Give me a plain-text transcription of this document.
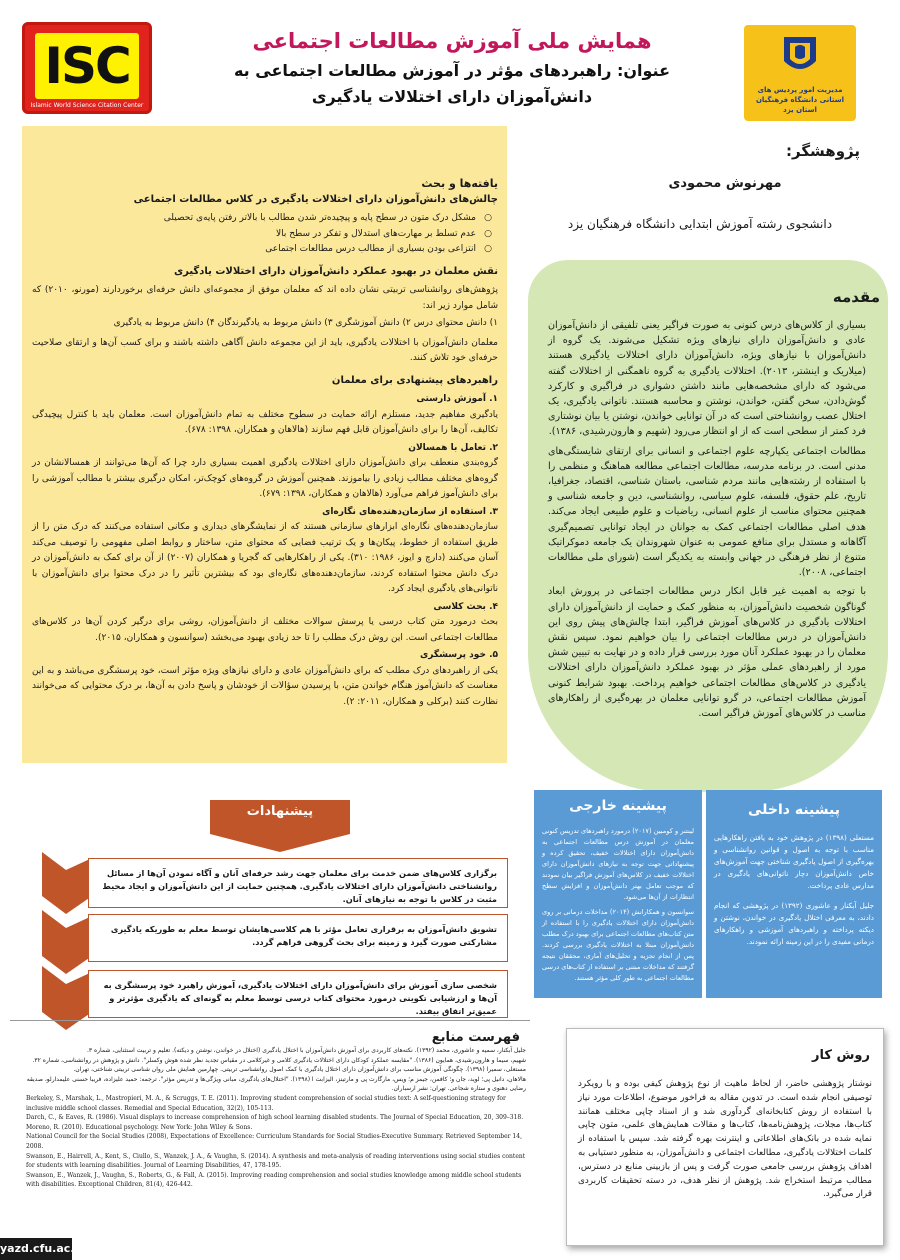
ISC
Islamic World Science Citation Center
همایش ملی آموزش مطالعات اجتماعی
عنوان: راهبردهای مؤثر در آموزش مطالعات اجتماعی به دانش‌آموزان دارای اختلالات یادگیری	مدیریت امور پردیس های استانی دانشگاه فرهنگیان استان یزد
یافته‌ها و بحث
چالش‌های دانش‌آموزان دارای اختلالات یادگیری در کلاس مطالعات اجتماعی
○ مشکل درک متون در سطح پایه و پیچیده‌تر شدن مطالب با بالاتر رفتن پایه‌ی تحصیلی
○ عدم تسلط بر مهارت‌های استدلال و تفکر در سطح بالا
○ انتزاعی بودن بسیاری از مطالب درس مطالعات اجتماعی
نقش معلمان در بهبود عملکرد دانش‌آموزان دارای اختلالات یادگیری
پژوهش‌های روانشناسی تربیتی نشان داده اند که معلمان موفق از مجموعه‌ای دانش حرفه‌ای برخوردارند (مورنو، ۲۰۱۰) که شامل موارد زیر اند:
۱) دانش محتوای درس ۲) دانش آموزشگری ۳) دانش مربوط به یادگیرندگان ۴) دانش مربوط به یادگیری
معلمان دانش‌آموزان با اختلالات یادگیری، باید از این مجموعه دانش آگاهی داشته باشند و برای کسب آن‌ها و ارتقای صلاحیت حرفه‌ای خود تلاش کنند.
راهبردهای پیشنهادی برای معلمان
۱. آموزش دارستی
یادگیری مفاهیم جدید، مستلزم ارائه حمایت در سطوح مختلف به تمام دانش‌آموزان است. معلمان باید با کنترل پیچیدگی تکالیف، آن‌ها را برای دانش‌آموزان قابل فهم سازند (هالاهان و همکاران، ۱۳۹۸: ۶۷۸).
۲. تعامل با همسالان
گروه‌بندی منعطف برای دانش‌آموزان دارای اختلالات یادگیری اهمیت بسیاری دارد چرا که آن‌ها می‌توانند از همسالانشان در گروه‌های مختلف مطالب زیادی را بیاموزند. همچنین آموزش در گروه‌های کوچک‌تر، امکان درگیری بیشتر با مطالب آموزشی را برای دانش‌آموز فراهم می‌آورد (هالاهان و همکاران، ۱۳۹۸: ۶۷۹).
۳. استفاده از سازمان‌دهنده‌های نگاره‌ای
سازمان‌دهنده‌های نگاره‌ای ابزارهای سازمانی هستند که از نمایشگرهای دیداری و مکانی استفاده می‌کنند که درک متن را از طریق استفاده از خطوط، پیکان‌ها و یک ترتیب فضایی که محتوای متن، ساختار و روابط اصلی مفهومی را توصیف می‌کند آسان می‌کنند (دارچ و ایوز، ۱۹۸۶: ۳۱۰). یکی از راهکارهایی که گجریا و همکاران (۲۰۰۷) از آن برای کمک به دانش‌آموزان در درک دانش محتوا استفاده کردند، سازمان‌دهنده‌های نگاره‌ای بود که بیشترین تأثیر را در درک محتوا برای دانش‌آموزان با ناتوانی‌های یادگیری ایجاد کرد.
۴. بحث کلاسی
بحث درمورد متن کتاب درسی یا پرسش سوالات مختلف از دانش‌آموزان، روشی برای درگیر کردن آن‌ها در کلاس‌های مطالعات اجتماعی است. این روش درک مطلب را تا حد زیادی بهبود می‌بخشد (سوانسون و همکاران، ۲۰۱۵).
۵. خود پرسشگری
یکی از راهبردهای درک مطلب که برای دانش‌آموزان عادی و دارای نیازهای ویژه مؤثر است، خود پرسشگری می‌باشد و به این معناست که دانش‌آموز هنگام خواندن متن، با پرسیدن سؤالات از خودشان و پاسخ دادن به آن‌ها، بر درک محتوایی که می‌خوانند نظارت کنند (برکلی و همکاران، ۲۰۱۱: ۲).
پژوهشگر:
مهرنوش محمودی
دانشجوی رشته آموزش ابتدایی دانشگاه فرهنگیان یزد
مقدمه
بسیاری از کلاس‌های درس کنونی به صورت فراگیر یعنی تلفیقی از دانش‌آموزان عادی و دانش‌آموزان دارای نیازهای ویژه تشکیل می‌شوند. یک گروه از دانش‌آموزان با نیازهای ویژه، دانش‌آموزان دارای اختلالات یادگیری هستند (میلاریک و اینشتر، ۲۰۱۳). اختلالات یادگیری به گروه ناهمگنی از اختلالات گفته می‌شود که دارای مشخصه‌هایی مانند داشتن دشواری در فراگیری و کارکرد گوش‌دادن، سخن گفتن، خواندن، نوشتن و محاسبه هستند. ناتوانی یادگیری، یک اختلال عصب روانشناختی است که در آن توانایی خواندن، نوشتن یا بیان نوشتاری فرد کمتر از سطحی است که از او انتظار می‌رود (شهیم و هارون‌رشیدی، ۱۳۸۶).
مطالعات اجتماعی یکپارچه علوم اجتماعی و انسانی برای ارتقای شایستگی‌های مدنی است. در برنامه مدرسه، مطالعات اجتماعی مطالعه هماهنگ و منظمی را با استفاده از رشته‌هایی مانند مردم شناسی، باستان شناسی، اقتصاد، جغرافیا، تاریخ، علم حقوق، فلسفه، علوم سیاسی، روانشناسی، دین و جامعه شناسی و همچنین محتوای مناسب از علوم انسانی، ریاضیات و علوم طبیعی ایجاد می‌کند. هدف اصلی مطالعات اجتماعی کمک به جوانان در ایجاد توانایی تصمیم‌گیری آگاهانه و مستدل برای منافع عمومی به عنوان شهروندان یک جامعه دموکراتیک متنوع از نظر فرهنگی در جهانی وابسته به یکدیگر است (شورای ملی مطالعات اجتماعی، ۲۰۰۸).
با توجه به اهمیت غیر قابل انکار درس مطالعات اجتماعی در پرورش ابعاد گوناگون شخصیت دانش‌آموزان، به منظور کمک و حمایت از دانش‌آموزان دارای اختلالات یادگیری در کلاس‌های آموزش فراگیر، ابتدا چالش‌های پیش روی این دانش‌آموزان در درس مطالعات اجتماعی را بیان خواهیم نمود. سپس نقش معلمان را در بهبود عملکرد آنان مورد بررسی قرار داده و در نهایت به تبیین شش مورد از راهبردهای عملی مؤثر در بهبود عملکرد دانش‌آموزان دارای اختلالات یادگیری در کلاس‌های مطالعات اجتماعی خواهیم پرداخت. بهبود شرایط کنونی آموزش مطالعات اجتماعی، در گرو توانایی معلمان در بهره‌گیری از راهکارهای مناسب در کلاس‌های آموزش فراگیر است.
پیشینه خارجی
لینتنر و کومبین (۲۰۱۷) درمورد راهبردهای تدریس کنونی معلمان در آموزش درس مطالعات اجتماعی به دانش‌آموزان دارای اختلالات خفیف، تحقیق کرده و پیشنهاداتی جهت توجه به نیازهای دانش‌آموزان دارای اختلالات خفیف در کلاس‌های آموزش فراگیر بیان نمودند که موجب تعامل بهتر دانش‌آموزان و افزایش سطح انتظارات از آن‌ها می‌شود.
سوانسون و همکارانش (۲۰۱۴) مداخلات درمانی بر روی دانش‌آموزان دارای اختلالات یادگیری را با استفاده از متن کتاب‌های مطالعات اجتماعی برای بهبود درک مطلب دانش‌آموزان مبتلا به اختلالات یادگیری بررسی کردند. پس از انجام تجزیه و تحلیل‌های آماری، محققان نتیجه گرفتند که مداخلات مبتنی بر استفاده از کتاب‌های درسی مطالعات اجتماعی به طور کلی مؤثر هستند.
پیشینه داخلی
مستعلی (۱۳۹۸) در پژوهش خود به یافتن راهکارهایی مناسب با توجه به اصول و قوانین روانشناسی و بهره‌گیری از اصول یادگیری شناختی جهت آموزش‌های خاص دانش‌آموزان دچار ناتوانی‌های یادگیری در مدارس عادی پرداخت.
جلیل آبکنار و عاشوری (۱۳۹۲) در پژوهشی که انجام دادند، به معرفی اختلال یادگیری در خواندن، نوشتن و دیکته پرداخته و راهبردهای آموزشی و راهکارهای درمانی مفیدی را در این زمینه ارائه نمودند.
پیشنهادات
برگزاری کلاس‌های ضمن خدمت برای معلمان جهت رشد حرفه‌ای آنان و آگاه نمودن آن‌ها از مسائل روانشناختی دانش‌آموزان دارای اختلالات یادگیری. همچنین حمایت از این دانش‌آموزان و ایجاد محیط مثبت در کلاس با توجه به نیازهای آنان.
تشویق دانش‌آموزان به برقراری تعامل مؤثر با هم کلاسی‌هایشان توسط معلم به طوریکه یادگیری مشارکتی صورت گیرد و زمینه برای بحث گروهی فراهم گردد.
شخصی سازی آموزش برای دانش‌آموزان دارای اختلالات یادگیری، آموزش راهبرد خود پرسشگری به آن‌ها و ارزشیابی تکوینی درمورد محتوای کتاب درسی توسط معلم به گونه‌ای که یادگیری مؤثرتر و عمیق‌تر اتفاق بیفتد.
فهرست منابع
جلیل آبکنار، سمیه و عاشوری، محمد (۱۳۹۲). نکته‌های کاربردی برای آموزش دانش‌آموزان با اختلال یادگیری (اختلال در خواندن، نوشتن و دیکته). تعلیم و تربیت استثنایی، شماره ۳.
شهیم، سیما و هارون‌رشیدی، همایون (۱۳۸۶). "مقایسه عملکرد کودکان دارای اختلالات یادگیری کلامی و غیرکلامی در مقیاس تجدید نظر شده هوش وکسلر". دانش و پژوهش در روانشناسی، شماره ۳۲.
مستعلی، سمیرا (۱۳۹۸). چگونگی آموزش مناسب برای دانش‌آموزان دارای اختلال یادگیری با کمک اصول روانشناسی تربیتی. چهارمین همایش ملی روان شناسی تربیتی شناختی، تهران.
هالاهان، دانیل پی؛ لوید، جان و؛ کافمن، جیمز م؛ ویس، مارگارت پی و مارتینز، الیزابت ا (۱۳۹۸). "اختلال‌های یادگیری، مبانی ویژگی‌ها و تدریس مؤثر". ترجمه: حمید علیزاده، فریبا حسنی علیمدارلو، صدیقه رضایی دهنوی و ستاره شجاعی. تهران: نشر ارسباران.
Berkeley, S., Marshak, L., Mastropieri, M. A., & Scruggs, T. E. (2011). Improving student comprehension of social studies text: A self-questioning strategy for inclusive middle school classes. Remedial and Special Education, 32(2), 105-113.
Darch, C., & Eaves, R. (1986). Visual displays to increase comprehension of high school learning disabled students. The Journal of Special Education, 20, 309–318.
Moreno, R. (2010). Educational psychology. New York: John Wiley & Sons.
National Council for the Social Studies (2008), Expectations of Excellence: Curriculum Standards for Social Studies-Executive Summary. Retrieved September 14, 2008.
Swanson, E., Hairrell, A., Kent, S., Ciullo, S., Wanzek, J. A., & Vaughn, S. (2014). A synthesis and meta-analysis of reading interventions using social studies content for students with learning disabilities. Journal of Learning Disabilities, 47, 178-195.
Swanson, E., Wanzek, J., Vaughn, S., Roberts, G., & Fall, A. (2015). Improving reading comprehension and social studies knowledge among middle school students with disabilities. Exceptional Children, 81(4), 426-442.
روش کار
نوشتار پژوهشی حاضر، از لحاظ ماهیت از نوع پژوهش کیفی بوده و با رویکرد توصیفی انجام شده است. در تدوین مقاله به فراخور موضوع، اطلاعات مورد نیاز با استفاده از روش کتابخانه‌ای گردآوری شد و از اسناد چاپی مختلف همانند کتاب‌ها، مجلات، پژوهش‌نامه‌ها، کتاب‌ها و مقالات همایش‌های علمی، متون چاپی نمایه شده در بانک‌های اطلاعاتی و اینترنت بهره گرفته شد. سپس با استفاده از کلمات اختلالات یادگیری، مطالعات اجتماعی و دانش‌آموزان، به منظور دستیابی به اهداف پژوهش بررسی جامعی صورت گرفت و پس از بازبینی منابع در دسترس، مطالب مرتبط استخراج شد. پژوهش از نظر هدف، در دسته تحقیقات کاربردی قرار می‌گیرد.
yazd.cfu.ac.ir
